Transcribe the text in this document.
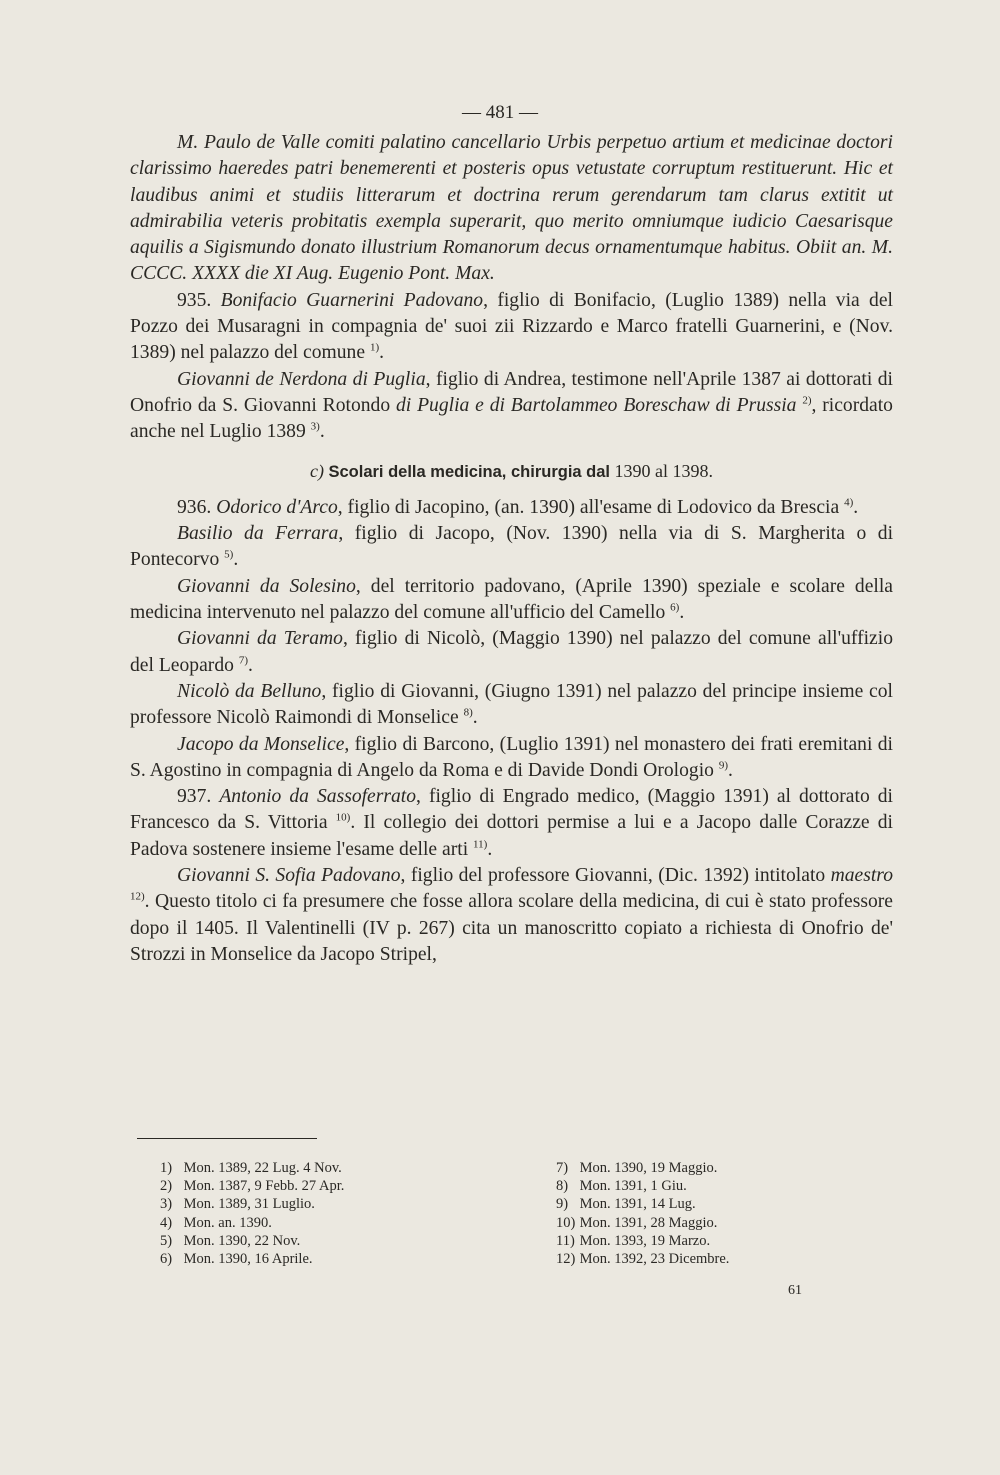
— 481 —

M. Paulo de Valle comiti palatino cancellario Urbis perpetuo artium et medicinae doctori clarissimo haeredes patri benemerenti et posteris opus vetustate corruptum restituerunt. Hic et laudibus animi et studiis litterarum et doctrina rerum gerendarum tam clarus extitit ut admirabilia veteris probitatis exempla superarit, quo merito omniumque iudicio Caesarisque aquilis a Sigismundo donato illustrium Romanorum decus ornamentumque habitus. Obiit an. M. CCCC. XXXX die XI Aug. Eugenio Pont. Max.

935. Bonifacio Guarnerini Padovano, figlio di Bonifacio, (Luglio 1389) nella via del Pozzo dei Musaragni in compagnia de' suoi zii Rizzardo e Marco fratelli Guarnerini, e (Nov. 1389) nel palazzo del comune $^{1)}$.

Giovanni de Nerdona di Puglia, figlio di Andrea, testimone nell'Aprile 1387 ai dottorati di Onofrio da S. Giovanni Rotondo di Puglia e di Bartolammeo Boreschaw di Prussia $^{2)}$, ricordato anche nel Luglio 1389 $^{3)}$.

c) Scolari della medicina, chirurgia dal 1390 al 1398.

936. Odorico d'Arco, figlio di Jacopino, (an. 1390) all'esame di Lodovico da Brescia $^{4)}$.

Basilio da Ferrara, figlio di Jacopo, (Nov. 1390) nella via di S. Margherita o di Pontecorvo $^{5)}$.

Giovanni da Solesino, del territorio padovano, (Aprile 1390) speziale e scolare della medicina intervenuto nel palazzo del comune all'ufficio del Camello $^{6)}$.

Giovanni da Teramo, figlio di Nicolò, (Maggio 1390) nel palazzo del comune all'uffizio del Leopardo $^{7)}$.

Nicolò da Belluno, figlio di Giovanni, (Giugno 1391) nel palazzo del principe insieme col professore Nicolò Raimondi di Monselice $^{8)}$.

Jacopo da Monselice, figlio di Barcono, (Luglio 1391) nel monastero dei frati eremitani di S. Agostino in compagnia di Angelo da Roma e di Davide Dondi Orologio $^{9)}$.

937. Antonio da Sassoferrato, figlio di Engrado medico, (Maggio 1391) al dottorato di Francesco da S. Vittoria $^{10)}$. Il collegio dei dottori permise a lui e a Jacopo dalle Corazze di Padova sostenere insieme l'esame delle arti $^{11)}$.

Giovanni S. Sofia Padovano, figlio del professore Giovanni, (Dic. 1392) intitolato maestro $^{12)}$. Questo titolo ci fa presumere che fosse allora scolare della medicina, di cui è stato professore dopo il 1405. Il Valentinelli (IV p. 267) cita un manoscritto copiato a richiesta di Onofrio de' Strozzi in Monselice da Jacopo Stripel,

1) Mon. 1389, 22 Lug. 4 Nov.
2) Mon. 1387, 9 Febb. 27 Apr.
3) Mon. 1389, 31 Luglio.
4) Mon. an. 1390.
5) Mon. 1390, 22 Nov.
6) Mon. 1390, 16 Aprile.
7) Mon. 1390, 19 Maggio.
8) Mon. 1391, 1 Giu.
9) Mon. 1391, 14 Lug.
10) Mon. 1391, 28 Maggio.
11) Mon. 1393, 19 Marzo.
12) Mon. 1392, 23 Dicembre.
61
